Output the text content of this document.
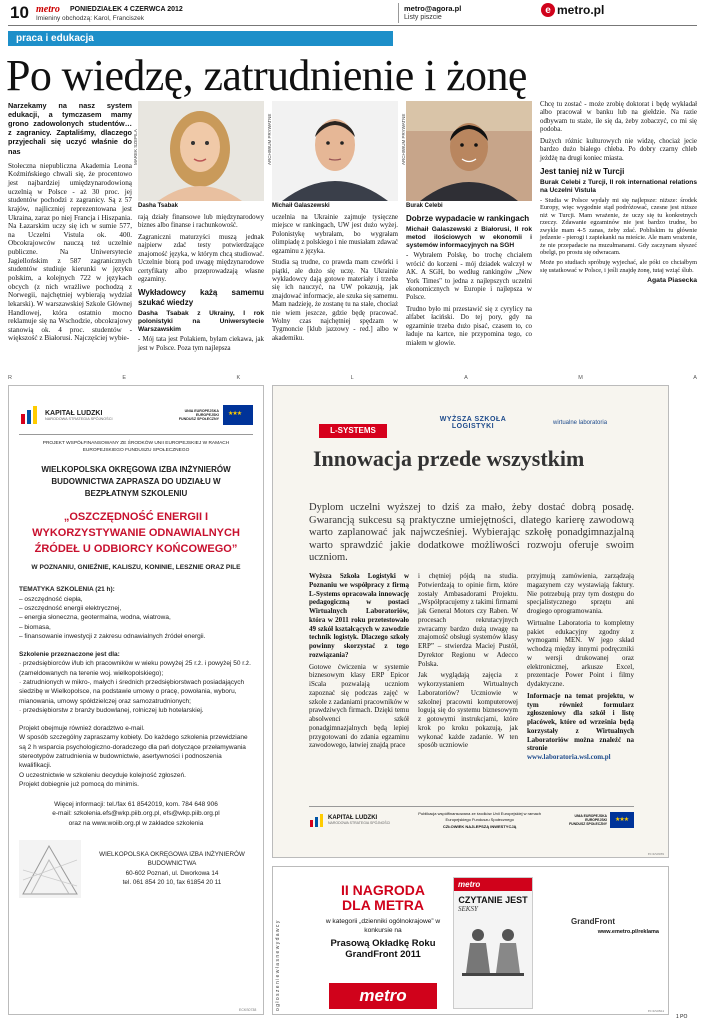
10 metro PONIEDZIAŁEK 4 CZERWCA 2012
Imieniny obchodzą: Karol, Franciszek
metro@agora.pl
Listy piszcie
e metro.pl
praca i edukacja
Po wiedzę, zatrudnienie i żonę

Narzekamy na nasz system edukacji, a tymczasem mamy grono zadowolonych studentów… z zagranicy. Zaptaliśmy, dlaczego przyjechali się uczyć właśnie do nas

Stołeczna niepubliczna Akademia Leona Koźmińskiego chwali się, że procentowo jest najbardziej umiędzynarodowioną uczelnią w Polsce - aż 30 proc. jej studentów pochodzi z zagranicy. Są z 57 krajów, najliczniej reprezentowana jest Ukraina, zaraz po niej Francja i Hiszpania. Na Łazarskim uczy się ich w sumie 577, na Uczelni Vistula ok. 400. Obcokrajowców nauczą też uczelnie publiczne. Na Uniwersytecie Jagiellońskim z 587 zagranicznych studentów studiuje kierunki w języku polskim, a kolejnych 722 w językach obcych (z nich wrażliwe pochodzą z Norwegii, najchętniej wybierają wydział lekarski). W warszawskiej Szkole Głównej Handlowej, która ostatnio mocno reklamuje się na Wschodzie, obcokrajowy stanowią ok. 4 proc. studentów - większość z Białorusi. Najczęściej wybie-

MAREK SZEPILA
Dasha Tsabak
ARCHIWUM PRYWATNE
Michaił Galaszewski
ARCHIWUM PRYWATNE
Burak Celebi

rają działy finansowe lub międzynarodowy biznes albo finanse i rachunkowość.

Zagraniczni maturzyści muszą jednak najpierw zdać testy potwierdzające znajomość języka, w którym chcą studiować. Uczelnie biorą pod uwagę międzynarodowe certyfikaty albo przeprowadzają własne egzaminy.

Wykładowcy każą samemu szukać wiedzy
Dasha Tsabak z Ukrainy, I rok polonistyki na Uniwersytecie Warszawskim

- Mój tata jest Polakiem, byłam ciekawa, jak jest w Polsce. Poza tym najlepsza

uczelnia na Ukrainie zajmuje tysięczne miejsce w rankingach, UW jest dużo wyżej. Polonistykę wybrałam, bo wygrałam olimpiadę z polskiego i nie musiałam zdawać egzaminu z języka.

Studia są trudne, co prawda mam czwórki i piątki, ale dużo się uczę. Na Ukrainie wykładowcy dają gotowe materiały i trzeba się ich nauczyć, na UW pokazują, jak znajdować informacje, ale szuka się samemu. Mam nadzieję, że zostanę tu na stałe, chociaż nie wiem jeszcze, gdzie będę pracować. Wolny czas najchętniej spędzam w Tygmoncie [klub jazzowy - red.] albo w akademiku.

Dobrze wypadacie w rankingach
Michaił Galaszewski z Białorusi, II rok metod ilościowych w ekonomii i systemów informacyjnych na SGH

- Wybrałem Polskę, bo trochę chciałem wrócić do korzeni - mój dziadek walczył w AK. A SGH, bo według rankingów „New York Times" to jedna z najlepszych uczelni ekonomicznych w Europie i najlepsza w Polsce.

Trudno było mi przestawić się z cyrylicy na alfabet łaciński. Do tej pory, gdy na egzaminie trzeba dużo pisać, czasem to, co ładuje na kartce, nie przypomina tego, co miałem w głowie.

Chcę tu zostać - może zrobię doktorat i będę wykładał albo pracował w banku lub na giełdzie. Na razie odbywam tu staże, ile się da, żeby zobaczyć, co mi się podoba.

Dużych różnic kulturowych nie widzę, chociaż jecie bardzo dużo białego chleba. Po dobry czarny chleb jeżdżę na drugi koniec miasta.

Jest taniej niż w Turcji
Burak Celebi z Turcji, II rok international relations na Uczelni Vistula

- Studia w Polsce wydały mi się najlepsze: niższe: środek Europy, więc wygodnie stąd podróżować, czesne jest niższe niż w Turcji. Mam wrażenie, że uczy się tu konkretnych rzeczy. Zdawanie egzaminów nie jest bardzo trudne, bo zwykle mam 4-5 zanas, żeby zdać. Pobliskim tu głównie jedzenie - pierogi i zapiekanki na mieście. Ale mam wrażenie, że nie przepadacie na muzułmanami. Gdy zaczynam słyszeć obelgi, po prostu się odwracam.

Może po studiach spróbuję wyjechać, ale póki co chciałbym się ustatkować w Polsce, i jeśli znajdę żonę, tutaj wziąć ślub.

Agata Piasecka
R	E	K	L	A	M	A
KAPITAŁ LUDZKI
NARODOWA STRATEGIA SPÓJNOŚCI
UNIA EUROPEJSKA
EUROPEJSKI
FUNDUSZ SPOŁECZNY
★★★
PROJEKT WSPÓŁFINANSOWANY ZE ŚRODKÓW UNII EUROPEJSKIEJ W RAMACH EUROPEJSKIEGO FUNDUSZU SPOŁECZNEGO
WIELKOPOLSKA OKRĘGOWA IZBA INŻYNIERÓW BUDOWNICTWA ZAPRASZA DO UDZIAŁU W BEZPŁATNYM SZKOLENIU
„OSZCZĘDNOŚĆ ENERGII I WYKORZYSTYWANIE ODNAWIALNYCH ŹRÓDEŁ U ODBIORCY KOŃCOWEGO”
W POZNANIU, GNIEŹNIE, KALISZU, KONINIE, LESZNIE ORAZ PILE
TEMATYKA SZKOLENIA (21 h):
– oszczędność ciepła,
– oszczędność energii elektrycznej,
– energia słoneczna, geotermalna, wodna, wiatrowa,
– biomasa,
– finansowanie inwestycji z zakresu odnawialnych źródeł energii.
Szkolenie przeznaczone jest dla:
· przedsiębiorców i/lub ich pracowników w wieku powyżej 25 r.ż. i powyżej 50 r.ż. (zameldowanych na terenie woj. wielkopolskiego);
· zatrudnionych w mikro-, małych i średnich przedsiębiorstwach posiadających siedzibę w Wielkopolsce, na podstawie umowy o pracę, powołania, wyboru, mianowania, umowy spółdzielczej oraz samozatrudnionych;
· przedsiębiorstw z branży budowlanej, rolniczej lub hotelarskiej.
Projekt obejmuje również doradztwo e-mail.
W sposób szczególny zapraszamy kobiety. Do każdego szkolenia przewidziane są 2 h wsparcia psychologiczno-doradczego dla pań dotyczące przełamywania stereotypów zatrudnienia w budownictwie, asertywności i podnoszenia kwalifikacji.
O uczestnictwie w szkoleniu decyduje kolejność zgłoszeń.
Projekt dobiegnie już pomocą do minimis.
Więcej informacji: tel./fax 61 8542019, kom. 784 648 906
e-mail: szkolenia.efs@wkp.piib.org.pl, efs@wkp.piib.org.pl
oraz na www.woiib.org.pl w zakładce szkolenia
WIELKOPOLSKA OKRĘGOWA IZBA INŻYNIERÓW BUDOWNICTWA
60-602 Poznań, ul. Dworkowa 14
tel. 061 854 20 10, fax 61854 20 11
ECKS0738
L-SYSTEMS
WYŻSZA SZKOŁA LOGISTYKI	wirtualne laboratoria
Innowacja przede wszystkim
Dyplom uczelni wyższej to dziś za mało, żeby dostać dobrą posadę. Gwarancją sukcesu są praktyczne umiejętności, dlatego karierę zawodową warto zaplanować jak najwcześniej. Wybierając szkołę ponadgimnazjalną warto sprawdzić jakie dodatkowe możliwości rozwoju oferuje swoim uczniom.

Wyższa Szkoła Logistyki w Poznaniu we współpracy z firmą L-Systems opracowała innowację pedagogiczną w postaci Wirtualnych Laboratoriów, która w 2011 roku przetestowało 49 szkół kształcących w zawodzie technik logistyk. Dlaczego szkoły powinny skorzystać z tego rozwiązania?

Gotowe ćwiczenia w systemie biznesowym klasy ERP Epicor iScala pozwalają uczniom zapoznać się podczas zajęć w szkole z zadaniami pracowników w prawdziwych firmach. Dzięki temu absolwenci szkół ponadgimnazjalnych będą lepiej przygotowani do zdania egzaminu zawodowego, łatwiej znajdą prace

i chętniej pójdą na studia. Potwierdzają to opinie firm, które zostały Ambasadorami Projektu. „Współpracujemy z takimi firmami jak General Motors czy Raben. W procesach rekrutacyjnych zwracamy bardzo dużą uwagę na znajomość obsługi systemów klasy ERP” – stwierdza Maciej Pustół, Dyrektor Regionu w Adecco Polska.

Jak wyglądają zajęcia z wykorzystaniem Wirtualnych Laboratoriów? Uczniowie w szkolnej pracowni komputerowej logują się do systemu biznesowym z gotowymi instrukcjami, które krok po kroku pokazują, jak wykonać każde zadanie. W ten sposób uczniowie

przyjmują zamówienia, zarządzają magazynem czy wystawiają faktury. Nie potrzebują przy tym dostępu do specjalistycznego sprzętu ani drogiego oprogramowania.

Wirtualne Laboratoria to kompletny pakiet edukacyjny zgodny z wymogami MEN. W jego skład wchodzą między innymi podręczniki w wersji drukowanej oraz elektronicznej, arkusze Excel, prezentacje Power Point i filmy dydaktyczne.

Informacje na temat projektu, w tym również formularz zgłoszeniowy dla szkół i listę placówek, które od września będą korzystały z Wirtualnych Laboratoriów można znaleźć na stronie

www.laboratoria.wsl.com.pl

KAPITAŁ LUDZKI
NARODOWA STRATEGIA SPÓJNOŚCI
Publikacja współfinansowana ze środków Unii Europejskiej w ramach Europejskiego Funduszu Społecznego
CZŁOWIEK NAJLEPSZĄ INWESTYCJĄ
UNIA EUROPEJSKA
EUROPEJSKI
FUNDUSZ SPOŁECZNY
★★★
ECKS0939
o g ł o s z e n i e w ł a s n e w y d a w c y
II NAGRODA
DLA METRA
w kategorii „dzienniki ogólnokrajowe” w konkursie na
Prasową Okładkę Roku
GrandFront 2011
metro
metro
CZYTANIE JEST
SEKSY
GrandFront
www.emetro.pl/reklama
ECKS0824
1 PO
